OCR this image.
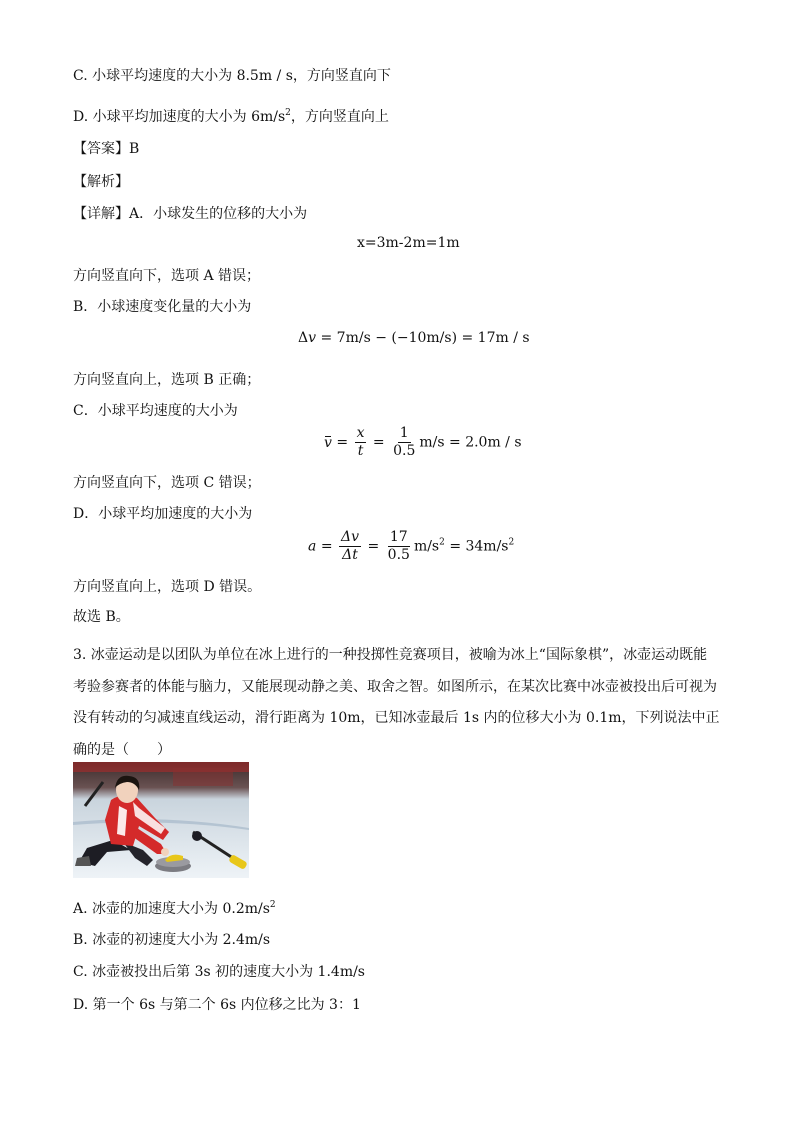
C. 小球平均速度的大小为 8.5m / s，方向竖直向下
D. 小球平均加速度的大小为 $6m/s^2$，方向竖直向上
【答案】B
【解析】
【详解】A．小球发生的位移的大小为
x=3m-2m=1m
方向竖直向下，选项 A 错误；
B．小球速度变化量的大小为
Δv = 7m/s − (−10m/s) = 17m / s
方向竖直向上，选项 B 正确；
C．小球平均速度的大小为
$v = \frac{x}{t} = \frac{1}{0.5} m/s = 2.0m / s$
方向竖直向下，选项 C 错误；
D．小球平均加速度的大小为
$a = \frac{\Delta v}{\Delta t} = \frac{17}{0.5} m/s^2 = 34m/s^2$
方向竖直向上，选项 D 错误。
故选 B。
3. 冰壶运动是以团队为单位在冰上进行的一种投掷性竞赛项目，被喻为冰上“国际象棋”，冰壶运动既能考验参赛者的体能与脑力，又能展现动静之美、取舍之智。如图所示，在某次比赛中冰壶被投出后可视为没有转动的匀减速直线运动，滑行距离为 10m，已知冰壶最后 1s 内的位移大小为 0.1m，下列说法中正确的是（　　）
A. 冰壶的加速度大小为 $0.2m/s^2$
B. 冰壶的初速度大小为 2.4m/s
C. 冰壶被投出后第 3s 初的速度大小为 1.4m/s
D. 第一个 6s 与第二个 6s 内位移之比为 3：1
